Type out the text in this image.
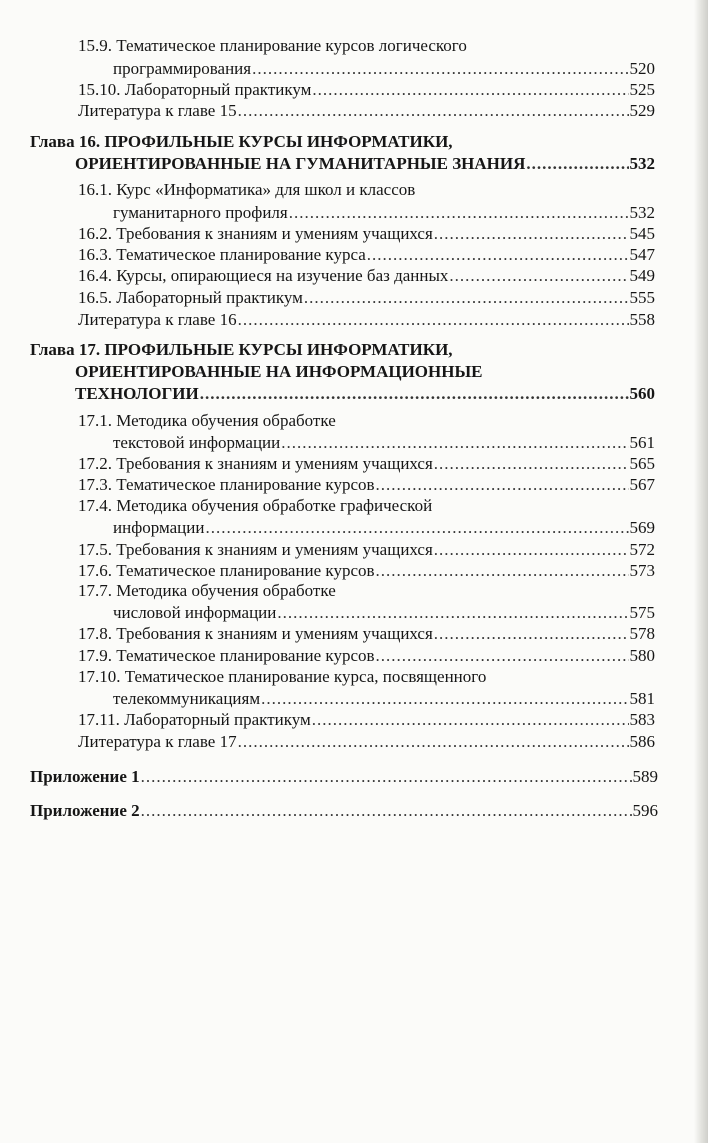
15.9. Тематическое планирование курсов логического
программирования .....	520
15.10. Лабораторный практикум .....	525
Литература к главе 15 .....	529
Глава 16. ПРОФИЛЬНЫЕ КУРСЫ ИНФОРМАТИКИ,
ОРИЕНТИРОВАННЫЕ НА ГУМАНИТАРНЫЕ ЗНАНИЯ .....	532
16.1. Курс «Информатика» для школ и классов
гуманитарного профиля .....	532
16.2. Требования к знаниям и умениям учащихся .....	545
16.3. Тематическое планирование курса .....	547
16.4. Курсы, опирающиеся на изучение баз данных .....	549
16.5. Лабораторный практикум .....	555
Литература к главе 16 .....	558
Глава 17. ПРОФИЛЬНЫЕ КУРСЫ ИНФОРМАТИКИ,
ОРИЕНТИРОВАННЫЕ НА ИНФОРМАЦИОННЫЕ
ТЕХНОЛОГИИ .....	560
17.1. Методика обучения обработке
текстовой информации .....	561
17.2. Требования к знаниям и умениям учащихся .....	565
17.3. Тематическое планирование курсов .....	567
17.4. Методика обучения обработке графической
информации .....	569
17.5. Требования к знаниям и умениям учащихся .....	572
17.6. Тематическое планирование курсов .....	573
17.7. Методика обучения обработке
числовой информации .....	575
17.8. Требования к знаниям и умениям учащихся .....	578
17.9. Тематическое планирование курсов .....	580
17.10. Тематическое планирование курса, посвященного
телекоммуникациям .....	581
17.11. Лабораторный практикум .....	583
Литература к главе 17 .....	586
Приложение 1 .....	589
Приложение 2 .....	596
